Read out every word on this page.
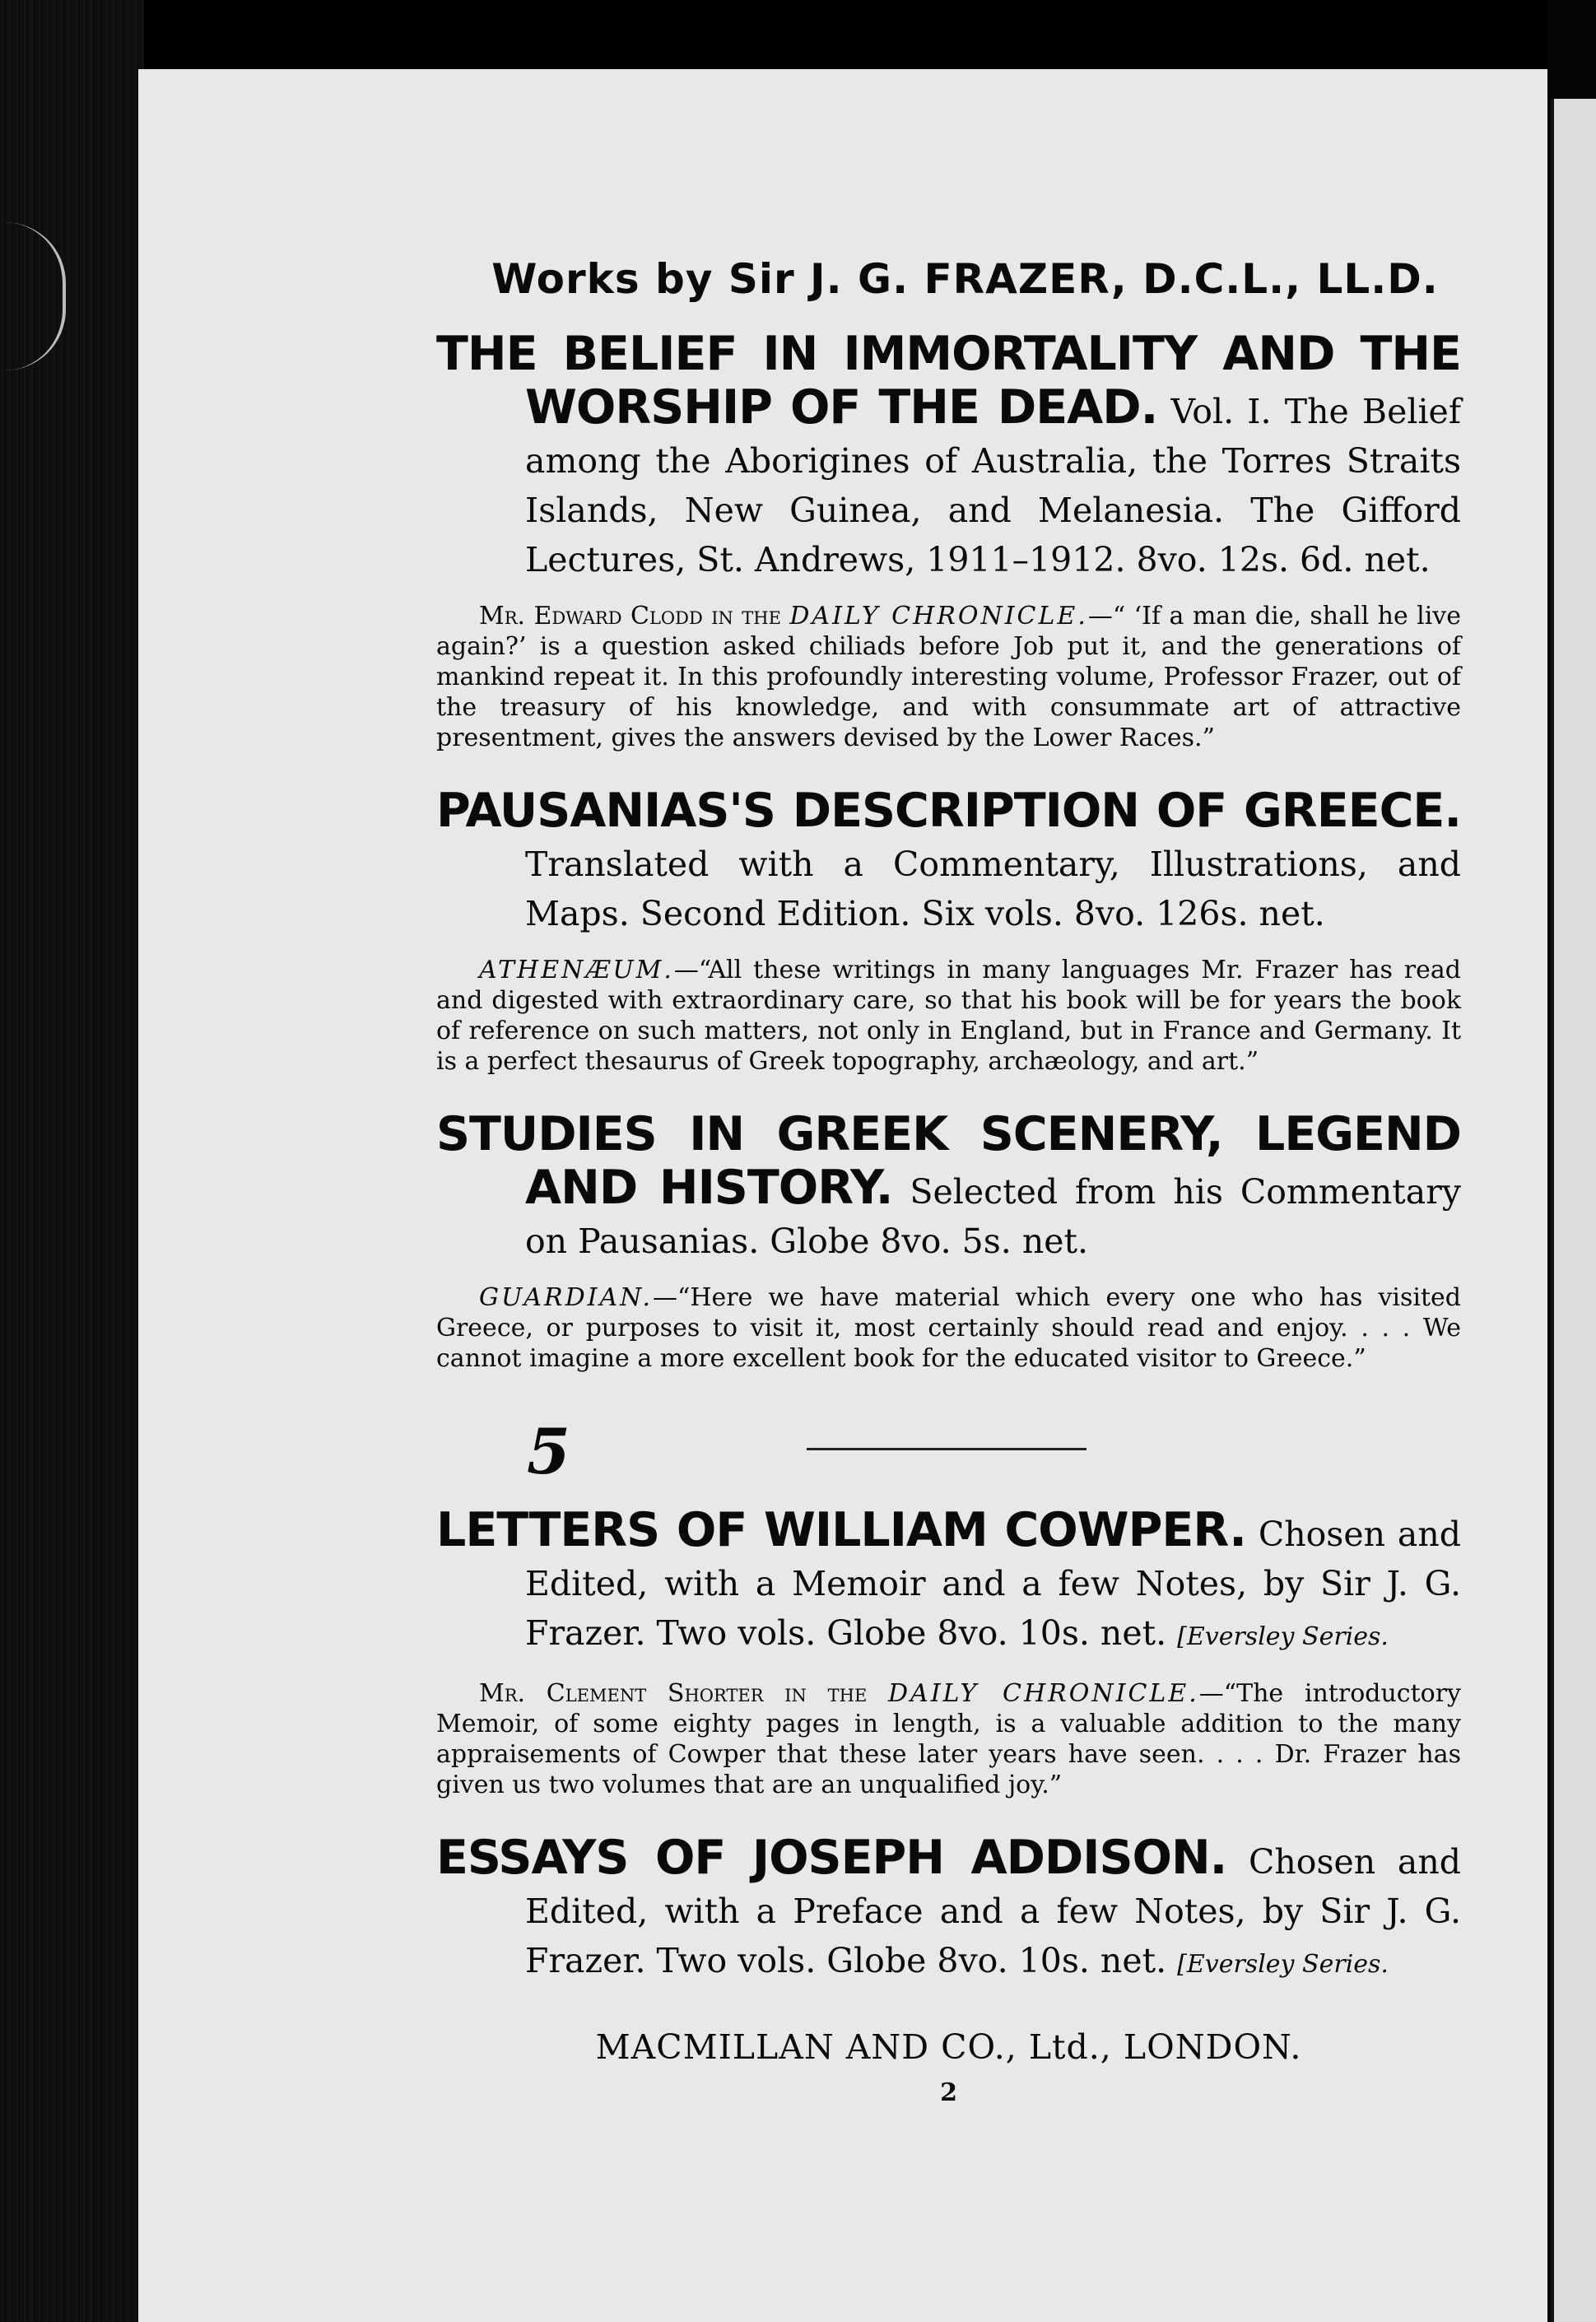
Works by Sir J. G. FRAZER, D.C.L., LL.D.

THE BELIEF IN IMMORTALITY AND THE WORSHIP OF THE DEAD. Vol. I. The Belief among the Aborigines of Australia, the Torres Straits Islands, New Guinea, and Melanesia. The Gifford Lectures, St. Andrews, 1911–1912. 8vo. 12s. 6d. net.

Mr. Edward Clodd in the DAILY CHRONICLE.—“ ‘If a man die, shall he live again?’ is a question asked chiliads before Job put it, and the generations of mankind repeat it. In this profoundly interesting volume, Professor Frazer, out of the treasury of his knowledge, and with consummate art of attractive presentment, gives the answers devised by the Lower Races.”

PAUSANIAS'S DESCRIPTION OF GREECE. Translated with a Commentary, Illustrations, and Maps. Second Edition. Six vols. 8vo. 126s. net.

ATHENÆUM.—“All these writings in many languages Mr. Frazer has read and digested with extraordinary care, so that his book will be for years the book of reference on such matters, not only in England, but in France and Germany. It is a perfect thesaurus of Greek topography, archæology, and art.”

STUDIES IN GREEK SCENERY, LEGEND AND HISTORY. Selected from his Commentary on Pausanias. Globe 8vo. 5s. net.

GUARDIAN.—“Here we have material which every one who has visited Greece, or purposes to visit it, most certainly should read and enjoy. . . . We cannot imagine a more excellent book for the educated visitor to Greece.”

5

LETTERS OF WILLIAM COWPER. Chosen and Edited, with a Memoir and a few Notes, by Sir J. G. Frazer. Two vols. Globe 8vo. 10s. net. [Eversley Series.

Mr. Clement Shorter in the DAILY CHRONICLE.—“The introductory Memoir, of some eighty pages in length, is a valuable addition to the many appraisements of Cowper that these later years have seen. . . . Dr. Frazer has given us two volumes that are an unqualified joy.”

ESSAYS OF JOSEPH ADDISON. Chosen and Edited, with a Preface and a few Notes, by Sir J. G. Frazer. Two vols. Globe 8vo. 10s. net. [Eversley Series.

MACMILLAN AND CO., Ltd., LONDON.
2
